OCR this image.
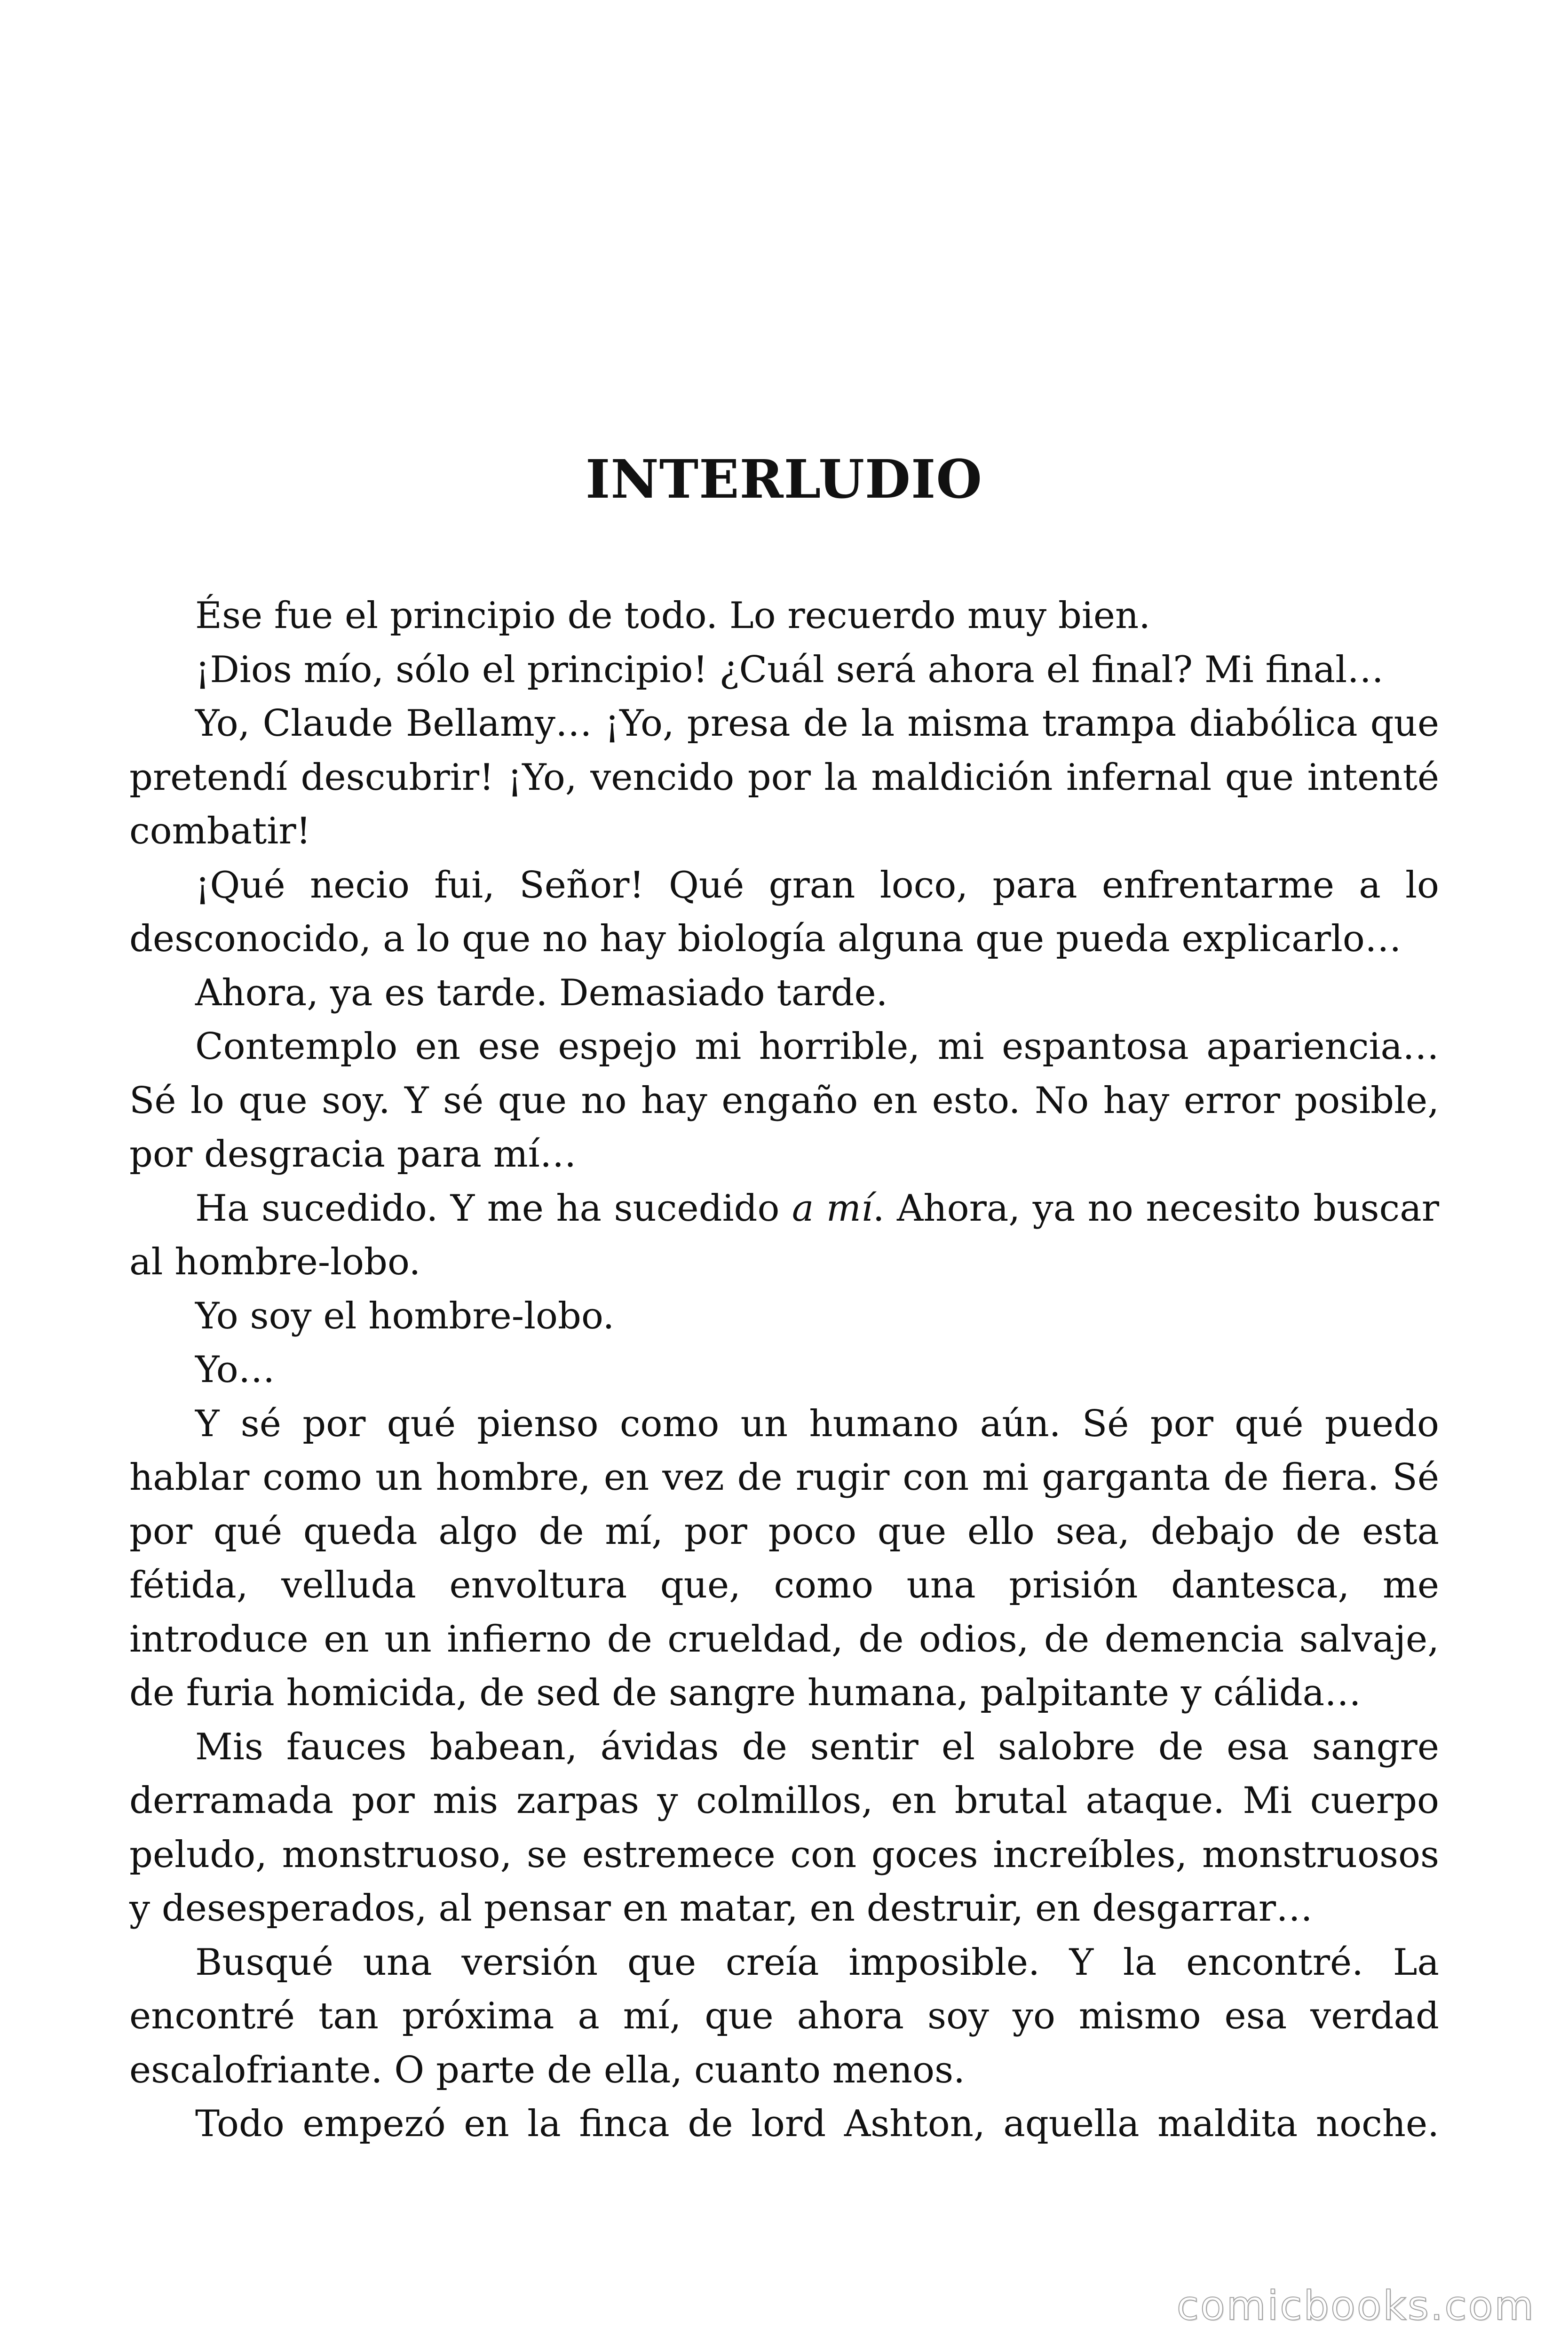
INTERLUDIO

Ése fue el principio de todo. Lo recuerdo muy bien.

¡Dios mío, sólo el principio! ¿Cuál será ahora el final? Mi final…

Yo, Claude Bellamy… ¡Yo, presa de la misma trampa diabólica que pretendí descubrir! ¡Yo, vencido por la maldición infernal que intenté combatir!

¡Qué necio fui, Señor! Qué gran loco, para enfrentarme a lo desconocido, a lo que no hay biología alguna que pueda explicarlo…

Ahora, ya es tarde. Demasiado tarde.

Contemplo en ese espejo mi horrible, mi espantosa apariencia… Sé lo que soy. Y sé que no hay engaño en esto. No hay error posible, por desgracia para mí…

Ha sucedido. Y me ha sucedido a mí. Ahora, ya no necesito buscar al hombre-lobo.

Yo soy el hombre-lobo.

Yo…

Y sé por qué pienso como un humano aún. Sé por qué puedo hablar como un hombre, en vez de rugir con mi garganta de fiera. Sé por qué queda algo de mí, por poco que ello sea, debajo de esta fétida, velluda envoltura que, como una prisión dantesca, me introduce en un infierno de crueldad, de odios, de demencia salvaje, de furia homicida, de sed de sangre humana, palpitante y cálida…

Mis fauces babean, ávidas de sentir el salobre de esa sangre derramada por mis zarpas y colmillos, en brutal ataque. Mi cuerpo peludo, monstruoso, se estremece con goces increíbles, monstruosos y desesperados, al pensar en matar, en destruir, en desgarrar…

Busqué una versión que creía imposible. Y la encontré. La encontré tan próxima a mí, que ahora soy yo mismo esa verdad escalofriante. O parte de ella, cuanto menos.

Todo empezó en la finca de lord Ashton, aquella maldita noche.

comicbooks.com
